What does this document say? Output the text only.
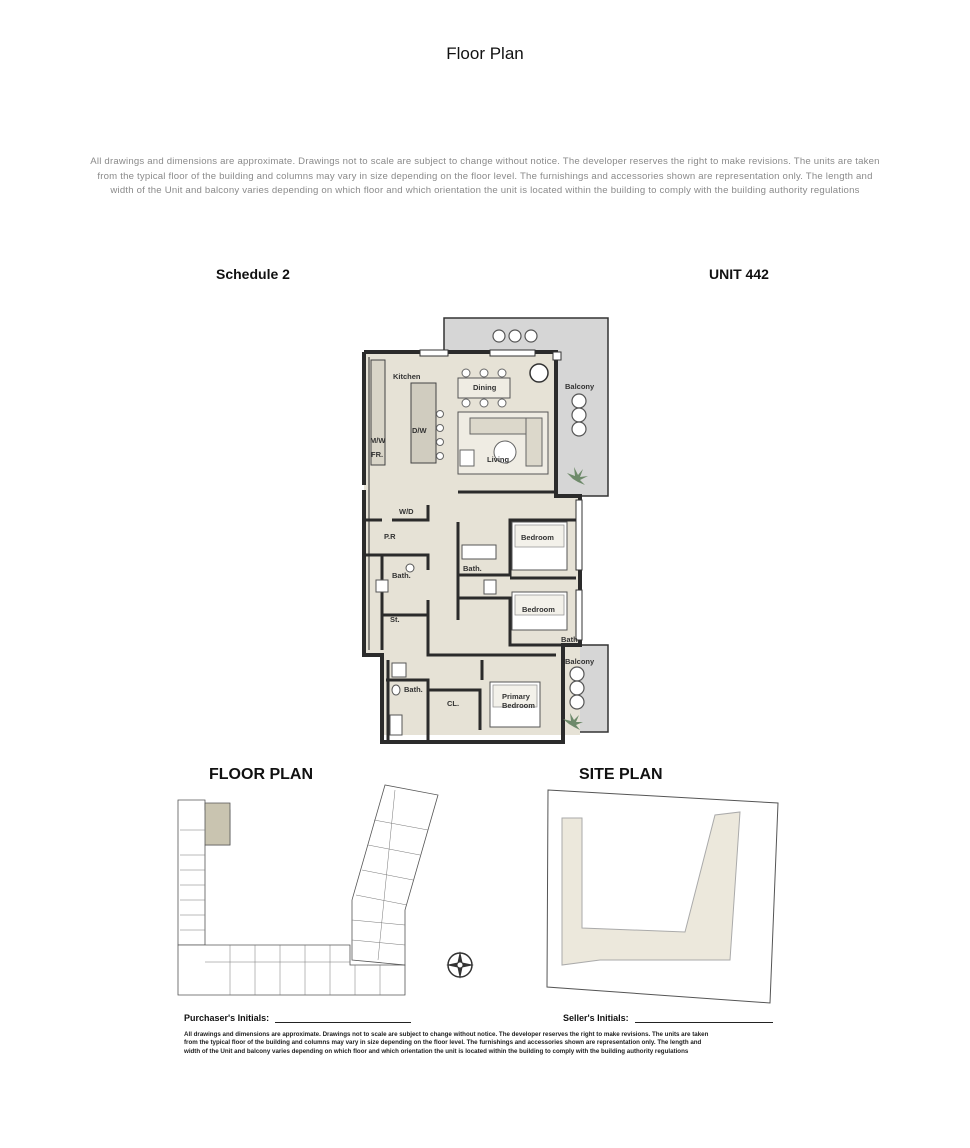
Floor Plan
All drawings and dimensions are approximate. Drawings not to scale are subject to change without notice. The developer reserves the right to make revisions. The units are taken
from the typical floor of the building and columns may vary in size depending on the floor level. The furnishings and accessories shown are representation only. The length and
width of the Unit and balcony varies depending on which floor and which orientation the unit is located within the building to comply with the building authority regulations
Schedule 2	UNIT 442
Kitchen
Dining	Balcony
D/W
M/W
FR.
Living
W/D
P.R
Bath.
St.
Bedroom
Bath.
Bedroom
Bath.
Balcony
Bath.
CL.
Primary
Bedroom
FLOOR PLAN	SITE PLAN
Purchaser's Initials:	Seller's Initials:
All drawings and dimensions are approximate. Drawings not to scale are subject to change without notice. The developer reserves the right to make revisions. The units are taken
from the typical floor of the building and columns may vary in size depending on the floor level. The furnishings and accessories shown are representation only. The length and
width of the Unit and balcony varies depending on which floor and which orientation the unit is located within the building to comply with the building authority regulations
